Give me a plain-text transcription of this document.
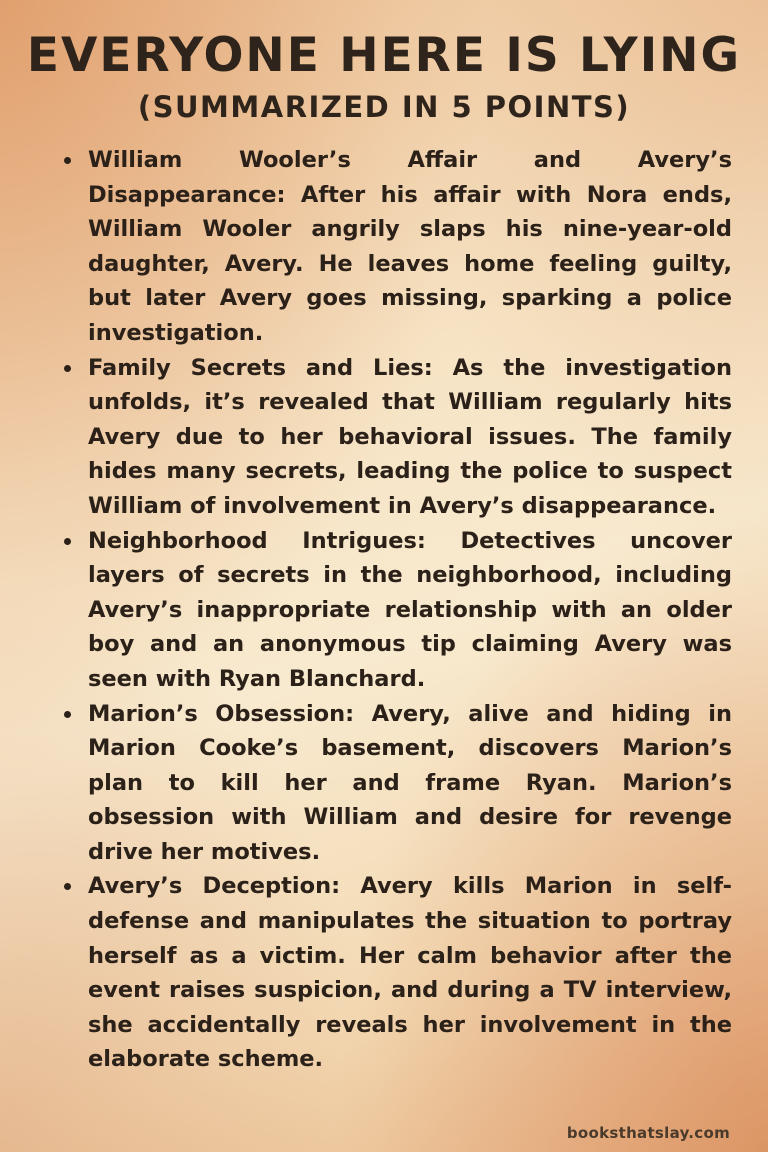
EVERYONE HERE IS LYING
(SUMMARIZED IN 5 POINTS)
William Wooler’s Affair and Avery’s Disappearance: After his affair with Nora ends, William Wooler angrily slaps his nine-year-old daughter, Avery. He leaves home feeling guilty, but later Avery goes missing, sparking a police investigation.
Family Secrets and Lies: As the investigation unfolds, it’s revealed that William regularly hits Avery due to her behavioral issues. The family hides many secrets, leading the police to suspect William of involvement in Avery’s disappearance.
Neighborhood Intrigues: Detectives uncover layers of secrets in the neighborhood, including Avery’s inappropriate relationship with an older boy and an anonymous tip claiming Avery was seen with Ryan Blanchard.
Marion’s Obsession: Avery, alive and hiding in Marion Cooke’s basement, discovers Marion’s plan to kill her and frame Ryan. Marion’s obsession with William and desire for revenge drive her motives.
Avery’s Deception: Avery kills Marion in self-defense and manipulates the situation to portray herself as a victim. Her calm behavior after the event raises suspicion, and during a TV interview, she accidentally reveals her involvement in the elaborate scheme.
booksthatslay.com
